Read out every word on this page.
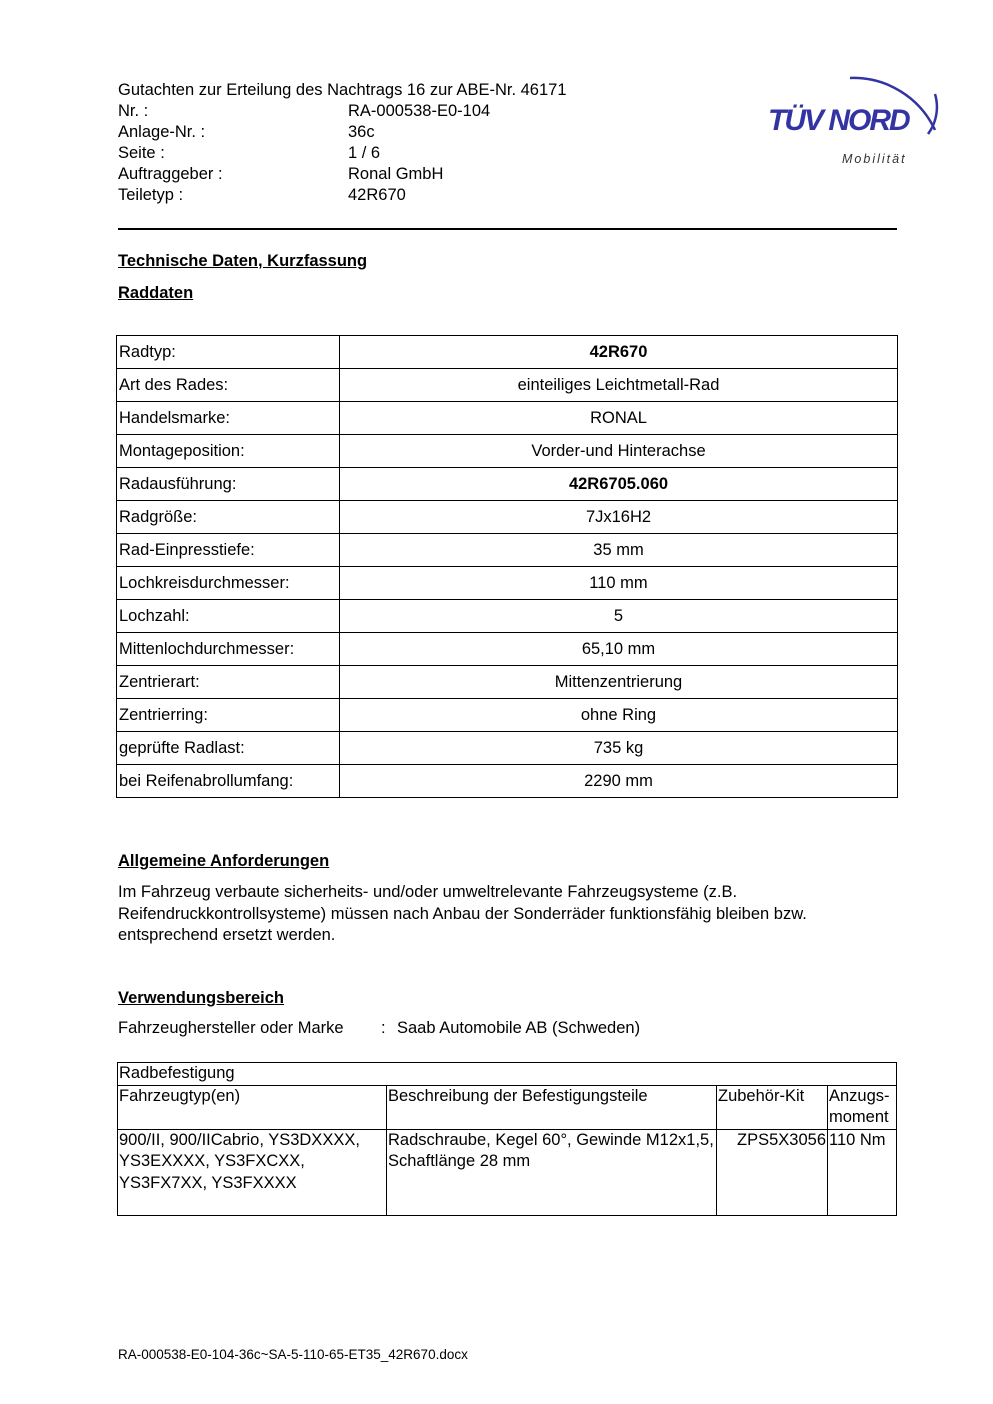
Gutachten zur Erteilung des Nachtrags 16 zur ABE-Nr. 46171
Nr. :	RA-000538-E0-104
Anlage-Nr. :	36c
Seite :	1 / 6
Auftraggeber :	Ronal GmbH
Teiletyp :	42R670
TÜV NORD
Mobilität
Technische Daten, Kurzfassung
Raddaten
Radtyp:	42R670
Art des Rades:	einteiliges Leichtmetall-Rad
Handelsmarke:	RONAL
Montageposition:	Vorder-und Hinterachse
Radausführung:	42R6705.060
Radgröße:	7Jx16H2
Rad-Einpresstiefe:	35 mm
Lochkreisdurchmesser:	110 mm
Lochzahl:	5
Mittenlochdurchmesser:	65,10 mm
Zentrierart:	Mittenzentrierung
Zentrierring:	ohne Ring
geprüfte Radlast:	735 kg
bei Reifenabrollumfang:	2290 mm
Allgemeine Anforderungen
Im Fahrzeug verbaute sicherheits- und/oder umweltrelevante Fahrzeugsysteme (z.B. Reifendruckkontrollsysteme) müssen nach Anbau der Sonderräder funktionsfähig bleiben bzw. entsprechend ersetzt werden.
Verwendungsbereich
Fahrzeughersteller oder Marke : Saab Automobile AB (Schweden)
Radbefestigung			
Fahrzeugtyp(en)	Beschreibung der Befestigungsteile	Zubehör-Kit	Anzugs-moment
900/II, 900/IICabrio, YS3DXXXX, YS3EXXXX, YS3FXCXX, YS3FX7XX, YS3FXXXX	Radschraube, Kegel 60°, Gewinde M12x1,5, Schaftlänge 28 mm	ZPS5X3056	110 Nm
RA-000538-E0-104-36c~SA-5-110-65-ET35_42R670.docx
